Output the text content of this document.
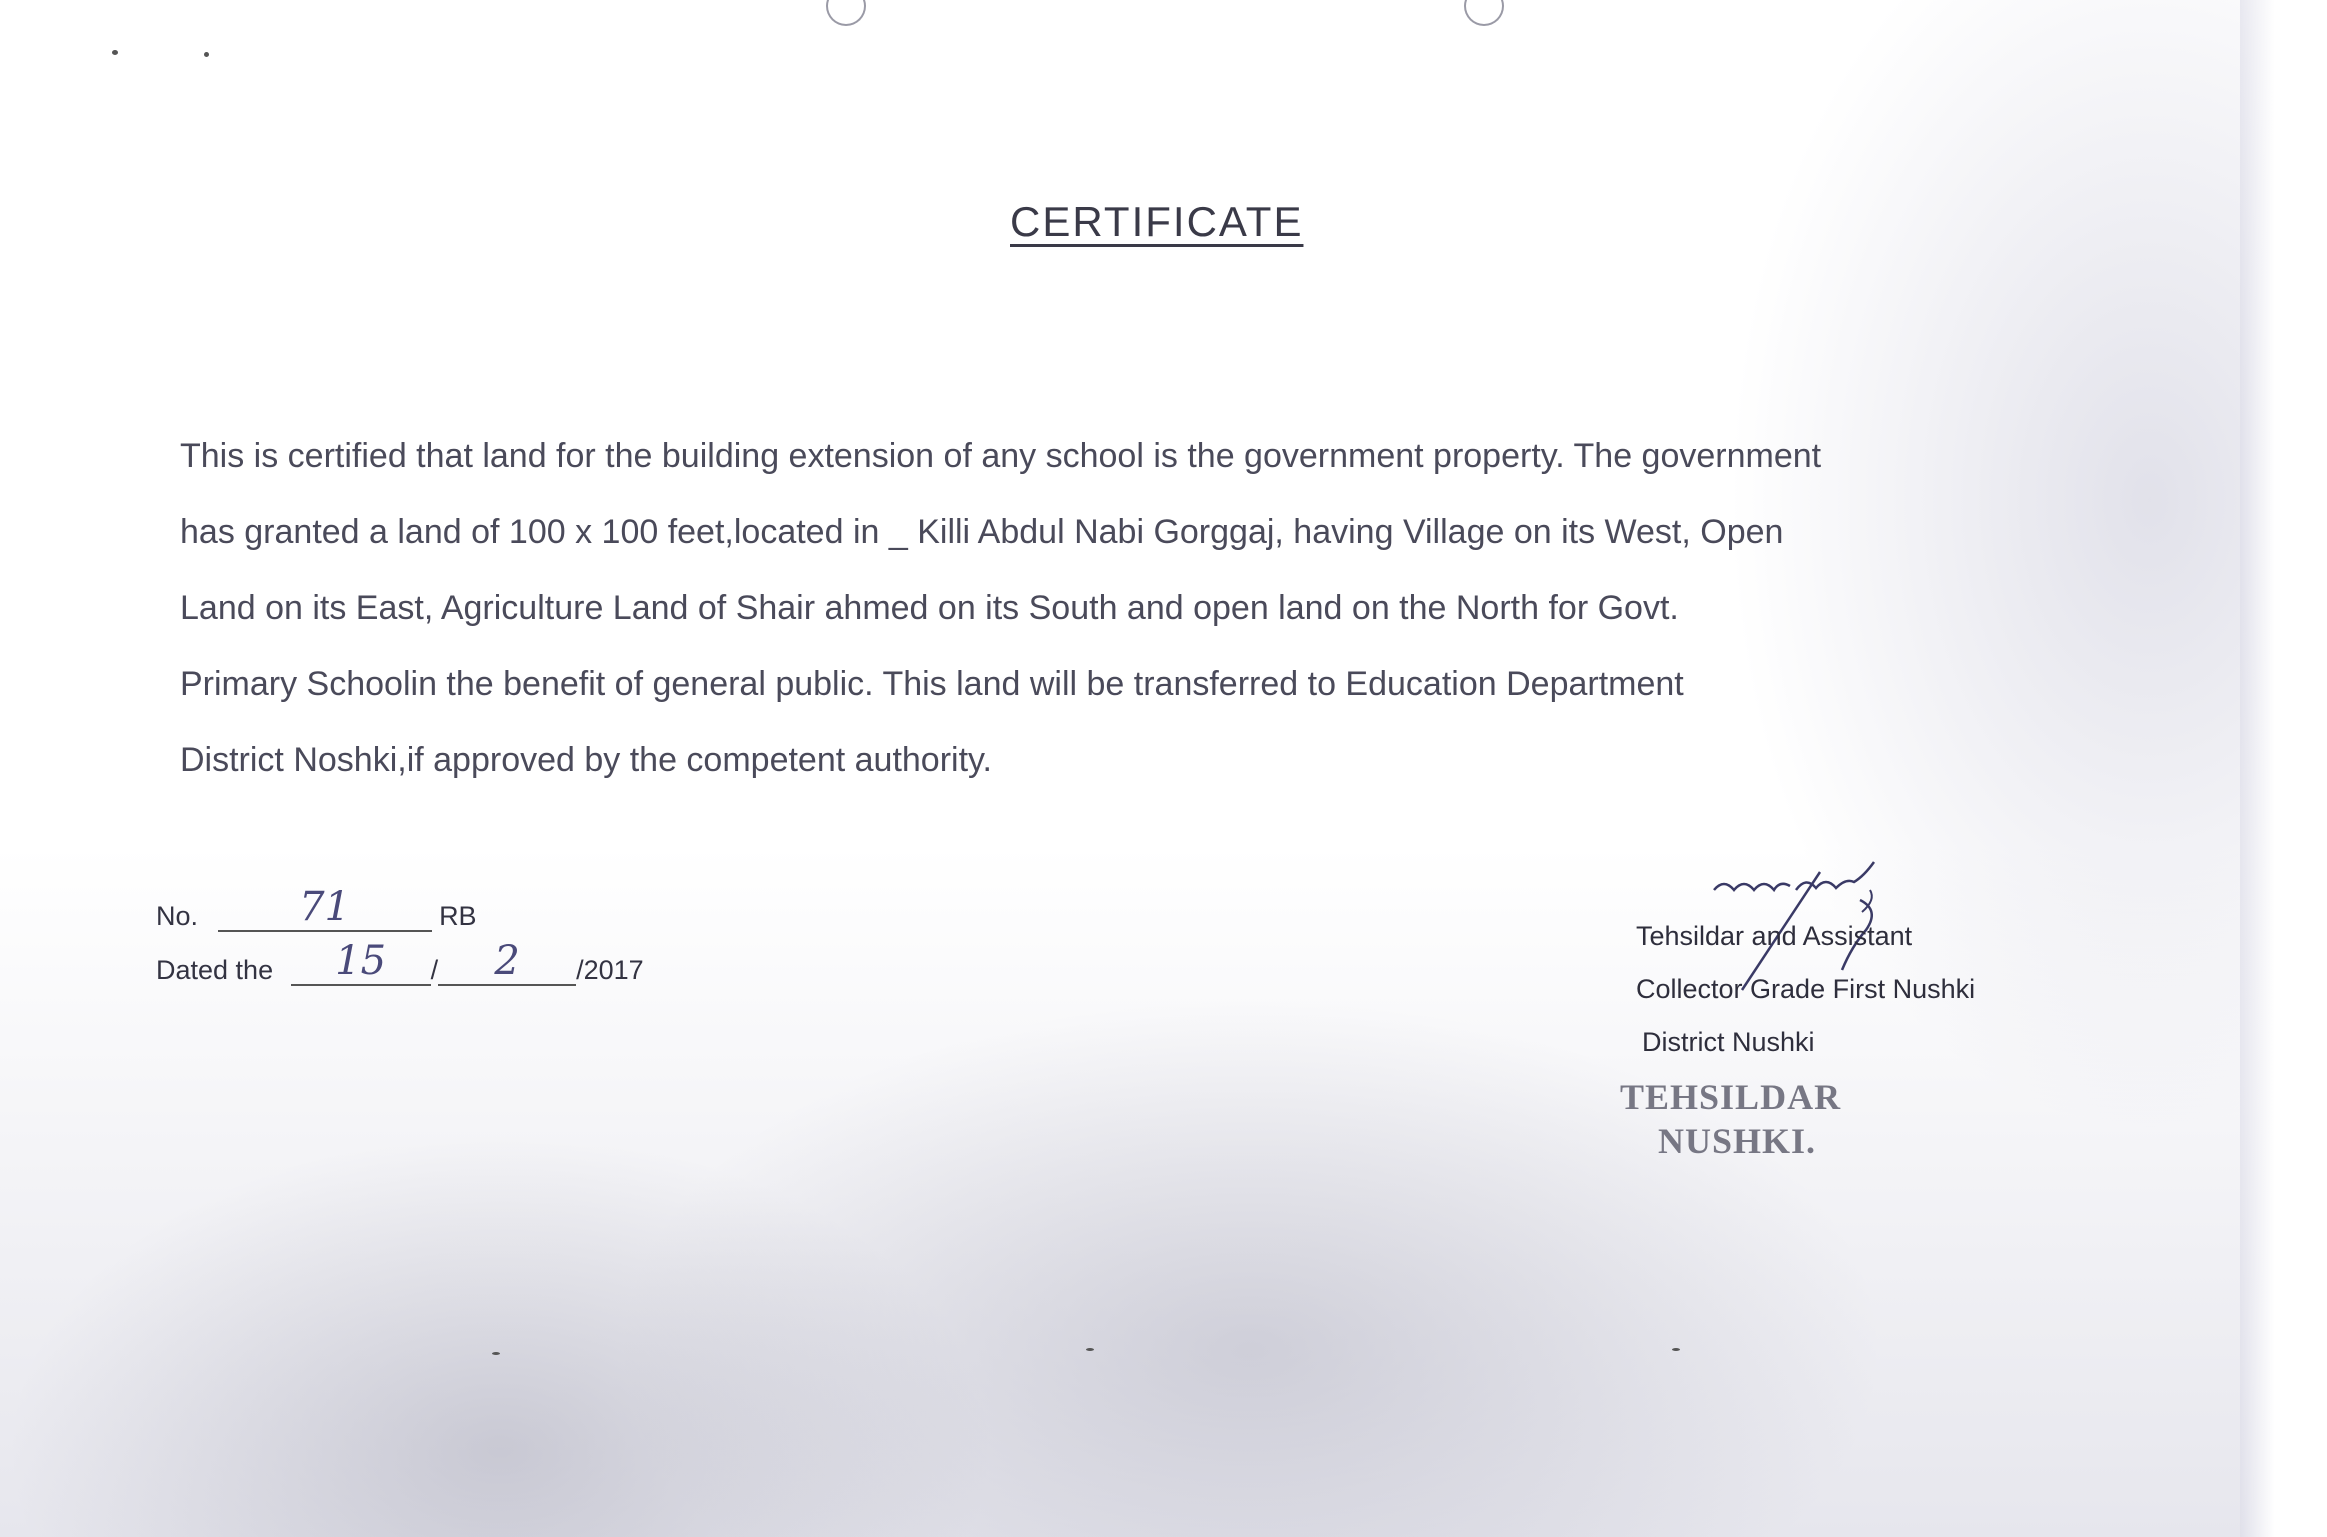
CERTIFICATE
This is certified that land for the building extension of any school is the government property. The government
has granted a land of 100 x 100 feet,located in _ Killi Abdul Nabi Gorggaj, having Village on its West, Open
Land on its East, Agriculture Land of Shair ahmed on its South and open land on the North for Govt.
Primary Schoolin the benefit of general public. This land will be transferred to Education Department
District Noshki,if approved by the competent authority.
No.	71	RB
Dated the	15	/	2	/2017
Tehsildar and Assistant
Collector Grade First Nushki
District Nushki
TEHSILDAR
NUSHKI.
